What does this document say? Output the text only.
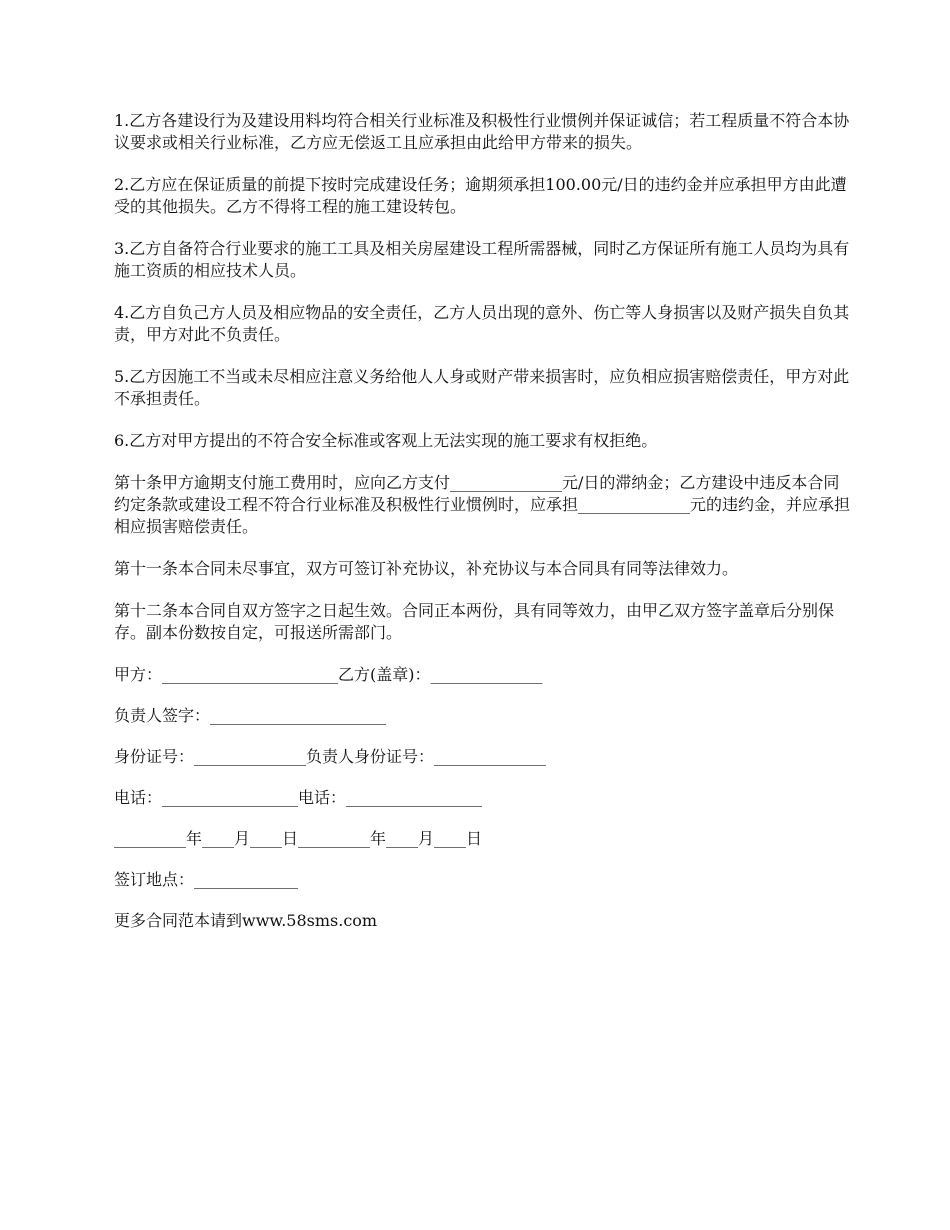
1.乙方各建设行为及建设用料均符合相关行业标准及积极性行业惯例并保证诚信；若工程质量不符合本协议要求或相关行业标准，乙方应无偿返工且应承担由此给甲方带来的损失。

2.乙方应在保证质量的前提下按时完成建设任务；逾期须承担100.00元/日的违约金并应承担甲方由此遭受的其他损失。乙方不得将工程的施工建设转包。

3.乙方自备符合行业要求的施工工具及相关房屋建设工程所需器械，同时乙方保证所有施工人员均为具有施工资质的相应技术人员。

4.乙方自负己方人员及相应物品的安全责任，乙方人员出现的意外、伤亡等人身损害以及财产损失自负其责，甲方对此不负责任。

5.乙方因施工不当或未尽相应注意义务给他人人身或财产带来损害时，应负相应损害赔偿责任，甲方对此不承担责任。

6.乙方对甲方提出的不符合安全标准或客观上无法实现的施工要求有权拒绝。

第十条甲方逾期支付施工费用时，应向乙方支付______________元/日的滞纳金；乙方建设中违反本合同约定条款或建设工程不符合行业标准及积极性行业惯例时，应承担______________元的违约金，并应承担相应损害赔偿责任。

第十一条本合同未尽事宜，双方可签订补充协议，补充协议与本合同具有同等法律效力。

第十二条本合同自双方签字之日起生效。合同正本两份，具有同等效力，由甲乙双方签字盖章后分别保存。副本份数按自定，可报送所需部门。

甲方：______________________乙方(盖章)：______________

负责人签字：______________________

身份证号：______________负责人身份证号：______________

电话：_________________电话：_________________

_________年____月____日_________年____月____日

签订地点：_____________

更多合同范本请到www.58sms.com
